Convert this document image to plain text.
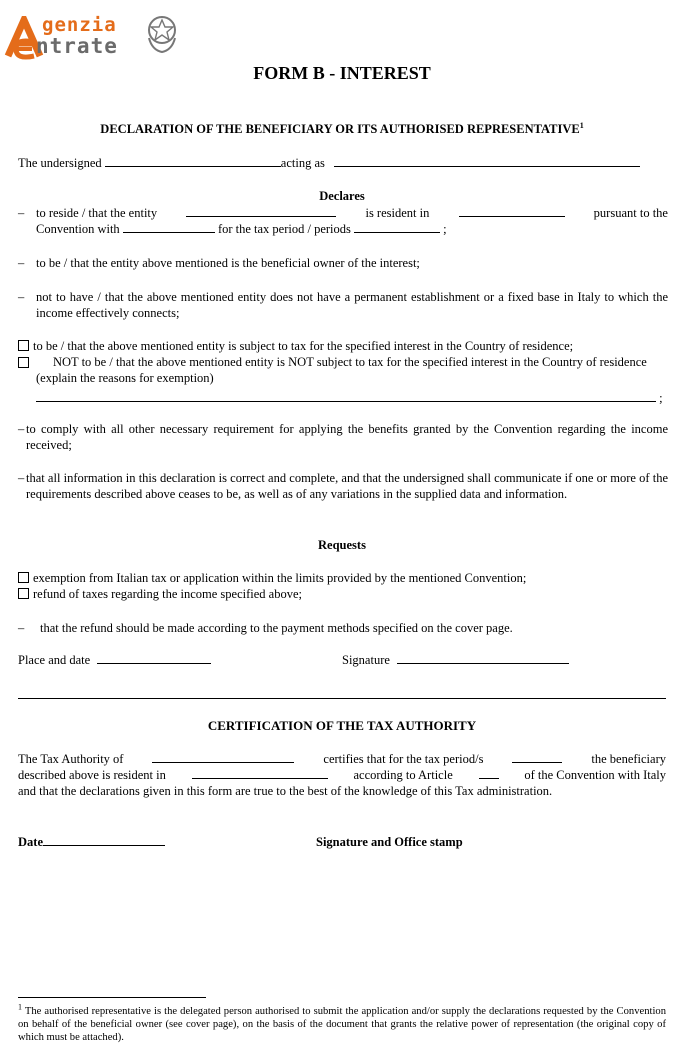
genzia
ntrate
FORM B - INTEREST
DECLARATION OF THE BENEFICIARY OR ITS AUTHORISED REPRESENTATIVE$^1$
The undersigned	acting as
Declares
– to reside / that the entity	is resident in	pursuant to the
Convention with	for the tax period / periods	;
– to be / that the entity above mentioned is the beneficial owner of the interest;
– not to have / that the above mentioned entity does not have a permanent establishment or a fixed base in Italy to which the income effectively connects;
to be / that the above mentioned entity is subject to tax for the specified interest in the Country of residence;
NOT to be / that the above mentioned entity is NOT subject to tax for the specified interest in the Country of residence (explain the reasons for exemption)
;
– to comply with all other necessary requirement for applying the benefits granted by the Convention regarding the income received;
– that all information in this declaration is correct and complete, and that the undersigned shall communicate if one or more of the requirements described above ceases to be, as well as of any variations in the supplied data and information.
Requests
exemption from Italian tax or application within the limits provided by the mentioned Convention;
refund of taxes regarding the income specified above;
– that the refund should be made according to the payment methods specified on the cover page.
Place and date	Signature
CERTIFICATION OF THE TAX AUTHORITY
The Tax Authority of	certifies that for the tax period/s	the beneficiary
described above is resident in	according to Article	of the Convention with Italy
and that the declarations given in this form are true to the best of the knowledge of this Tax administration.
Date	Signature and Office stamp
$^1$ The authorised representative is the delegated person authorised to submit the application and/or supply the declarations requested by the Convention on behalf of the beneficial owner (see cover page), on the basis of the document that grants the relative power of representation (the original copy of which must be attached).
